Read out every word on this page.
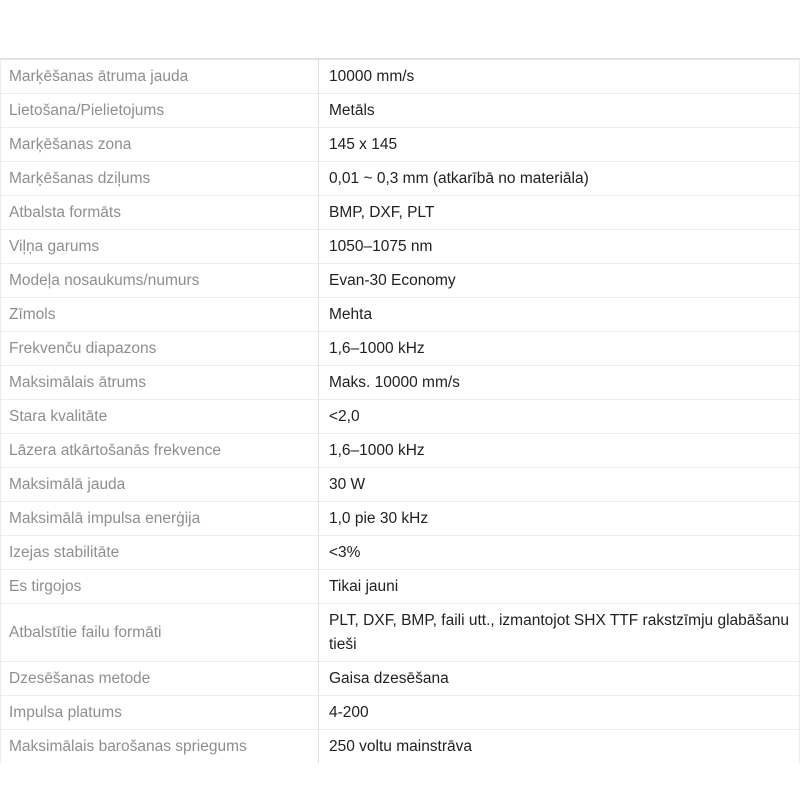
Marķēšanas ātruma jauda	10000 mm/s
Lietošana/Pielietojums	Metāls
Marķēšanas zona	145 x 145
Marķēšanas dziļums	0,01 ~ 0,3 mm (atkarībā no materiāla)
Atbalsta formāts	BMP, DXF, PLT
Viļņa garums	1050–1075 nm
Modeļa nosaukums/numurs	Evan-30 Economy
Zīmols	Mehta
Frekvenču diapazons	1,6–1000 kHz
Maksimālais ātrums	Maks. 10000 mm/s
Stara kvalitāte	<2,0
Lāzera atkārtošanās frekvence	1,6–1000 kHz
Maksimālā jauda	30 W
Maksimālā impulsa enerģija	1,0 pie 30 kHz
Izejas stabilitāte	<3%
Es tirgojos	Tikai jauni
Atbalstītie failu formāti	PLT, DXF, BMP, faili utt., izmantojot SHX TTF rakstzīmju glabāšanu tieši
Dzesēšanas metode	Gaisa dzesēšana
Impulsa platums	4-200
Maksimālais barošanas spriegums	250 voltu mainstrāva
